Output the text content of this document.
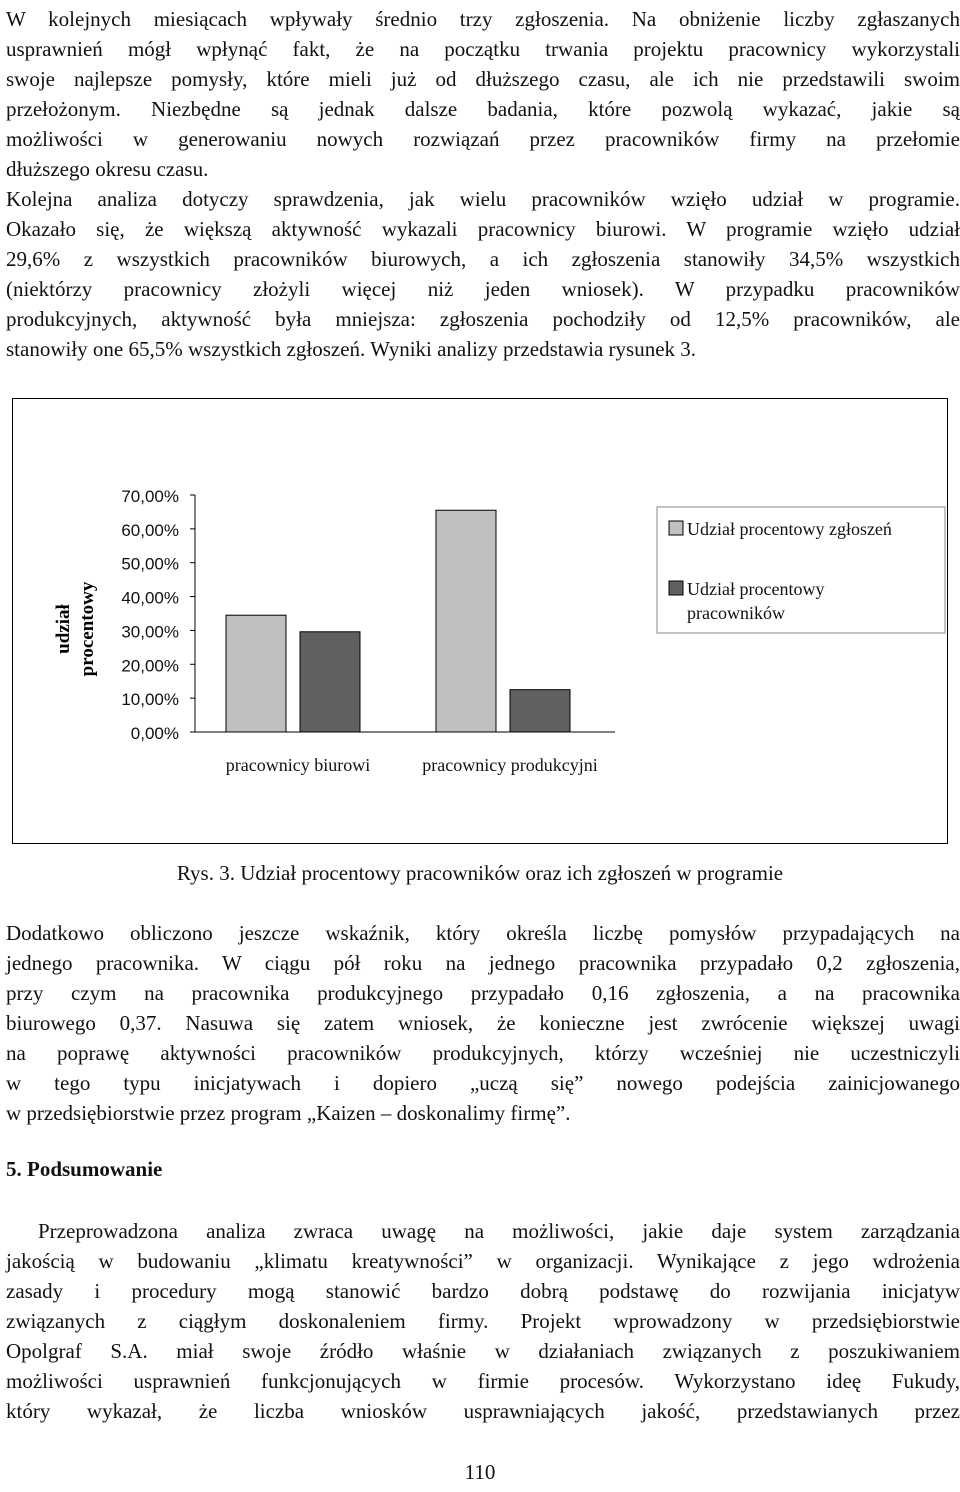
W kolejnych miesiącach wpływały średnio trzy zgłoszenia. Na obniżenie liczby zgłaszanych
usprawnień mógł wpłynąć fakt, że na początku trwania projektu pracownicy wykorzystali
swoje najlepsze pomysły, które mieli już od dłuższego czasu, ale ich nie przedstawili swoim
przełożonym. Niezbędne są jednak dalsze badania, które pozwolą wykazać, jakie są
możliwości w generowaniu nowych rozwiązań przez pracowników firmy na przełomie
dłuższego okresu czasu.
Kolejna analiza dotyczy sprawdzenia, jak wielu pracowników wzięło udział w programie.
Okazało się, że większą aktywność wykazali pracownicy biurowi. W programie wzięło udział
29,6% z wszystkich pracowników biurowych, a ich zgłoszenia stanowiły 34,5% wszystkich
(niektórzy pracownicy złożyli więcej niż jeden wniosek). W przypadku pracowników
produkcyjnych, aktywność była mniejsza: zgłoszenia pochodziły od 12,5% pracowników, ale
stanowiły one 65,5% wszystkich zgłoszeń. Wyniki analizy przedstawia rysunek 3.
udział procentowy
70,00%
60,00%
50,00%
40,00%
30,00%
20,00%
10,00%
0,00%
pracownicy biurowi	pracownicy produkcyjni
Udział procentowy zgłoszeń
Udział procentowy pracowników
Rys. 3. Udział procentowy pracowników oraz ich zgłoszeń w programie
Dodatkowo obliczono jeszcze wskaźnik, który określa liczbę pomysłów przypadających na
jednego pracownika. W ciągu pół roku na jednego pracownika przypadało 0,2 zgłoszenia,
przy czym na pracownika produkcyjnego przypadało 0,16 zgłoszenia, a na pracownika
biurowego 0,37. Nasuwa się zatem wniosek, że konieczne jest zwrócenie większej uwagi
na poprawę aktywności pracowników produkcyjnych, którzy wcześniej nie uczestniczyli
w tego typu inicjatywach i dopiero „uczą się” nowego podejścia zainicjowanego
w przedsiębiorstwie przez program „Kaizen – doskonalimy firmę”.
5. Podsumowanie
Przeprowadzona analiza zwraca uwagę na możliwości, jakie daje system zarządzania
jakością w budowaniu „klimatu kreatywności” w organizacji. Wynikające z jego wdrożenia
zasady i procedury mogą stanowić bardzo dobrą podstawę do rozwijania inicjatyw
związanych z ciągłym doskonaleniem firmy. Projekt wprowadzony w przedsiębiorstwie
Opolgraf S.A. miał swoje źródło właśnie w działaniach związanych z poszukiwaniem
możliwości usprawnień funkcjonujących w firmie procesów. Wykorzystano ideę Fukudy,
który wykazał, że liczba wniosków usprawniających jakość, przedstawianych przez
110
